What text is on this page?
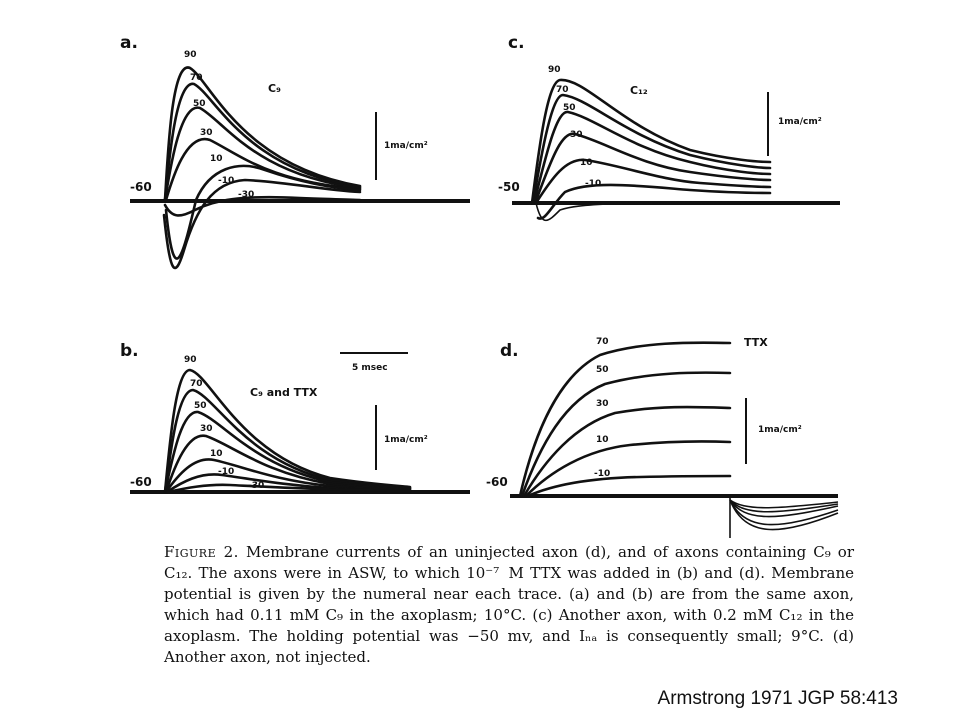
a.
C₉
-60
1ma/cm²
90
70
50
30
10
-10
-30
c.
C₁₂
-50
1ma/cm²
90
70
50
30
10
-10
b.
C₉ and TTX
-60
5 msec
1ma/cm²
90
70
50
30
10
-10
-30
d.	TTX
-60
1ma/cm²
70
50
30
10
-10
Figure 2. Membrane currents of an uninjected axon (d), and of axons containing C₉ or C₁₂. The axons were in ASW, to which 10⁻⁷  M TTX was added in (b) and (d). Membrane potential is given by the numeral near each trace. (a) and (b) are from the same axon, which had 0.11 mM C₉ in the axoplasm; 10°C. (c) Another axon, with 0.2 mM C₁₂ in the axoplasm. The holding potential was −50 mv, and Iₙₐ is consequently small; 9°C. (d) Another axon, not injected.
Armstrong 1971 JGP 58:413
